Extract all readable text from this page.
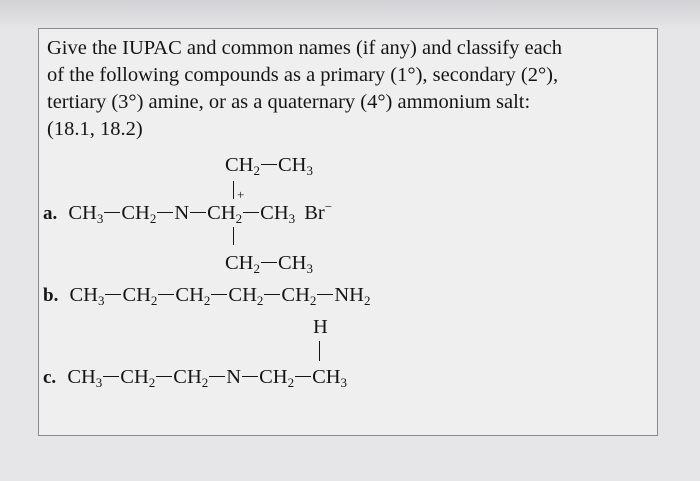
Give the IUPAC and common names (if any) and classify each
of the following compounds as a primary (1°), secondary (2°),
tertiary (3°) amine, or as a quaternary (4°) ammonium salt:
(18.1, 18.2)

$CH_2$ $CH_3$
+
a. $CH_3$ $CH_2$ N $CH_2$ $CH_3$ Br−
$CH_2$ $CH_3$
b. $CH_3$ $CH_2$ $CH_2$ $CH_2$ $CH_2$ $NH_2$
H
c. $CH_3$ $CH_2$ $CH_2$ N $CH_2$ $CH_3$
